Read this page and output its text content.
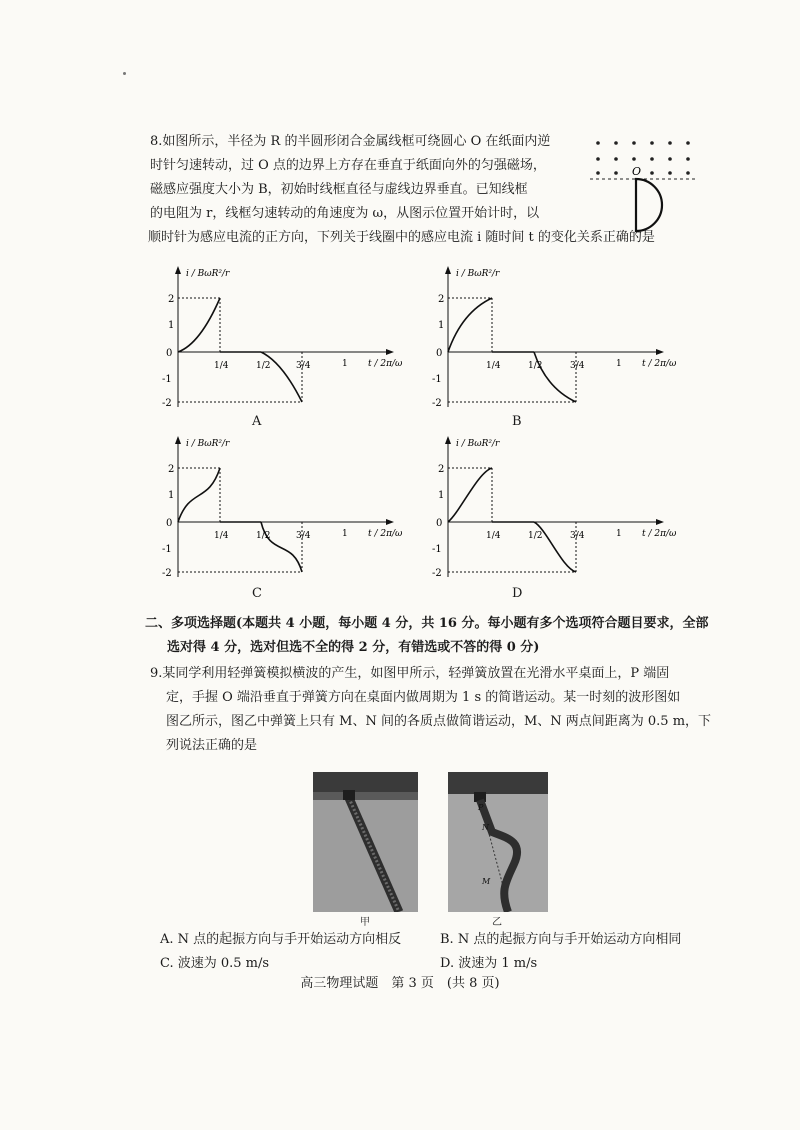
8.如图所示，半径为 R 的半圆形闭合金属线框可绕圆心 O 在纸面内逆

时针匀速转动，过 O 点的边界上方存在垂直于纸面向外的匀强磁场，

磁感应强度大小为 B，初始时线框直径与虚线边界垂直。已知线框

的电阻为 r，线框匀速转动的角速度为 ω，从图示位置开始计时，以

顺时针为感应电流的正方向，下列关于线圈中的感应电流 i 随时间 t 的变化关系正确的是

O
2
1
0
-1
-2
1/4	1/2	3/4	1
i / BωR²/r
t / 2π/ω
A
2
1
0
-1
-2
1/4	1/2	3/4	1
i / BωR²/r
t / 2π/ω
B
2
1
0
-1
-2
1/4	1/2	3/4	1
i / BωR²/r
t / 2π/ω
C
2
1
0
-1
-2
1/4	1/2	3/4	1
i / BωR²/r
t / 2π/ω
D
二、多项选择题(本题共 4 小题，每小题 4 分，共 16 分。每小题有多个选项符合题目要求，全部
选对得 4 分，选对但选不全的得 2 分，有错选或不答的得 0 分)
9.某同学利用轻弹簧模拟横波的产生，如图甲所示，轻弹簧放置在光滑水平桌面上，P 端固
定，手握 O 端沿垂直于弹簧方向在桌面内做周期为 1 s 的简谐运动。某一时刻的波形图如
图乙所示，图乙中弹簧上只有 M、N 间的各质点做简谐运动，M、N 两点间距离为 0.5 m，下
列说法正确的是
甲
P
N
M
乙
A. N 点的起振方向与手开始运动方向相反	B. N 点的起振方向与手开始运动方向相同
C. 波速为 0.5 m/s	D. 波速为 1 m/s
高三物理试题　第 3 页　(共 8 页)
